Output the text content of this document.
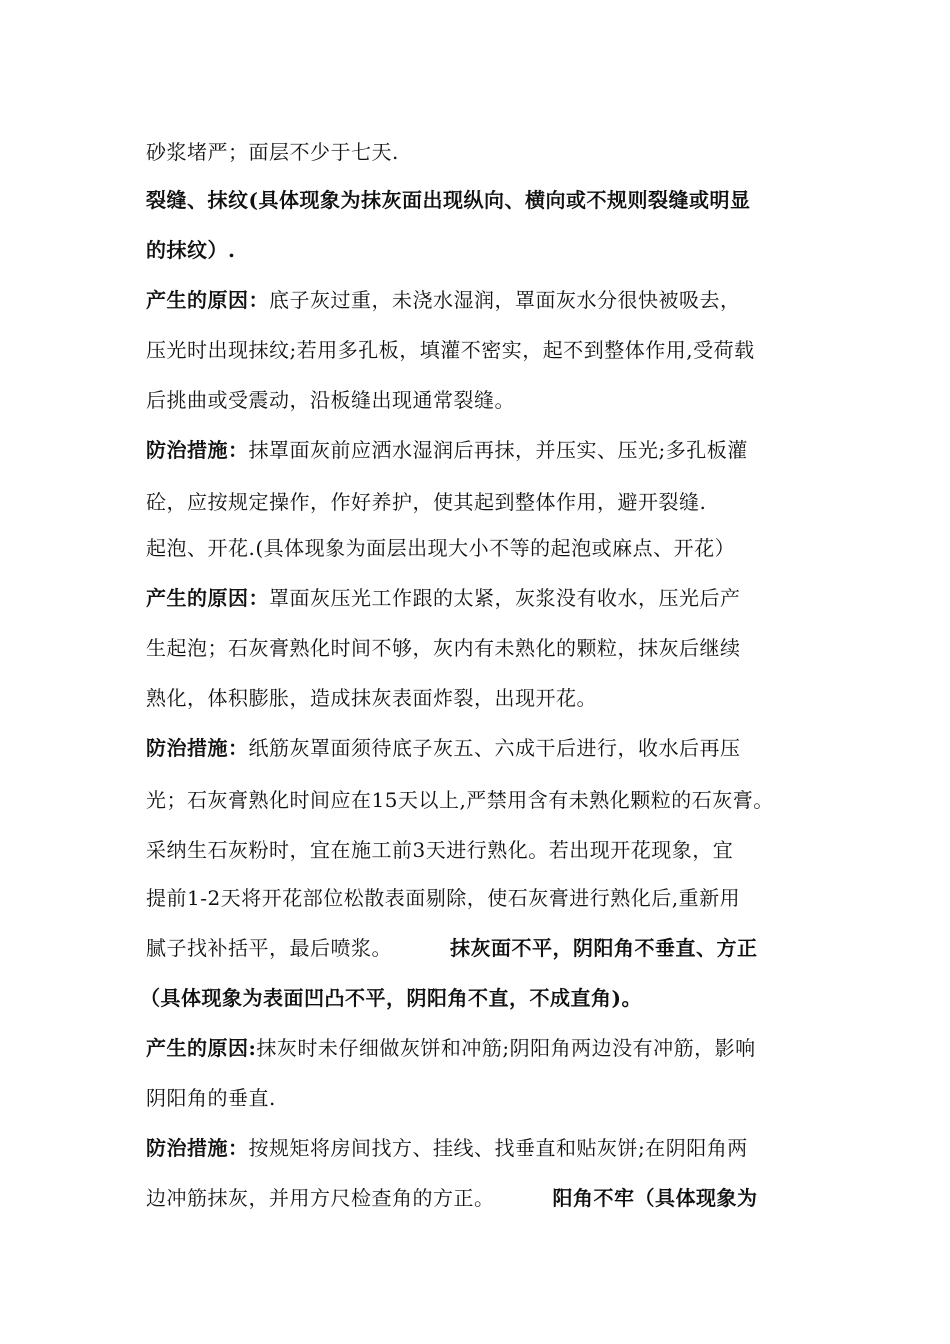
砂浆堵严；面层不少于七天.
裂缝、抹纹(具体现象为抹灰面出现纵向、横向或不规则裂缝或明显
的抹纹）.
产生的原因：底子灰过重，未浇水湿润，罩面灰水分很快被吸去，
压光时出现抹纹;若用多孔板，填灌不密实，起不到整体作用,受荷载
后挑曲或受震动，沿板缝出现通常裂缝。
防治措施：抹罩面灰前应洒水湿润后再抹，并压实、压光;多孔板灌
砼，应按规定操作，作好养护，使其起到整体作用，避开裂缝.
起泡、开花.(具体现象为面层出现大小不等的起泡或麻点、开花）
产生的原因：罩面灰压光工作跟的太紧，灰浆没有收水，压光后产
生起泡；石灰膏熟化时间不够，灰内有未熟化的颗粒，抹灰后继续
熟化，体积膨胀，造成抹灰表面炸裂，出现开花。
防治措施：纸筋灰罩面须待底子灰五、六成干后进行，收水后再压
光；石灰膏熟化时间应在15天以上,严禁用含有未熟化颗粒的石灰膏。
采纳生石灰粉时，宜在施工前3天进行熟化。若出现开花现象，宜
提前1-2天将开花部位松散表面剔除，使石灰膏进行熟化后,重新用
腻子找补括平，最后喷浆。	抹灰面不平，阴阳角不垂直、方正
（具体现象为表面凹凸不平，阴阳角不直，不成直角)。
产生的原因:抹灰时未仔细做灰饼和冲筋;阴阳角两边没有冲筋，影响
阴阳角的垂直.
防治措施：按规矩将房间找方、挂线、找垂直和贴灰饼;在阴阳角两
边冲筋抹灰，并用方尺检查角的方正。	阳角不牢（具体现象为
